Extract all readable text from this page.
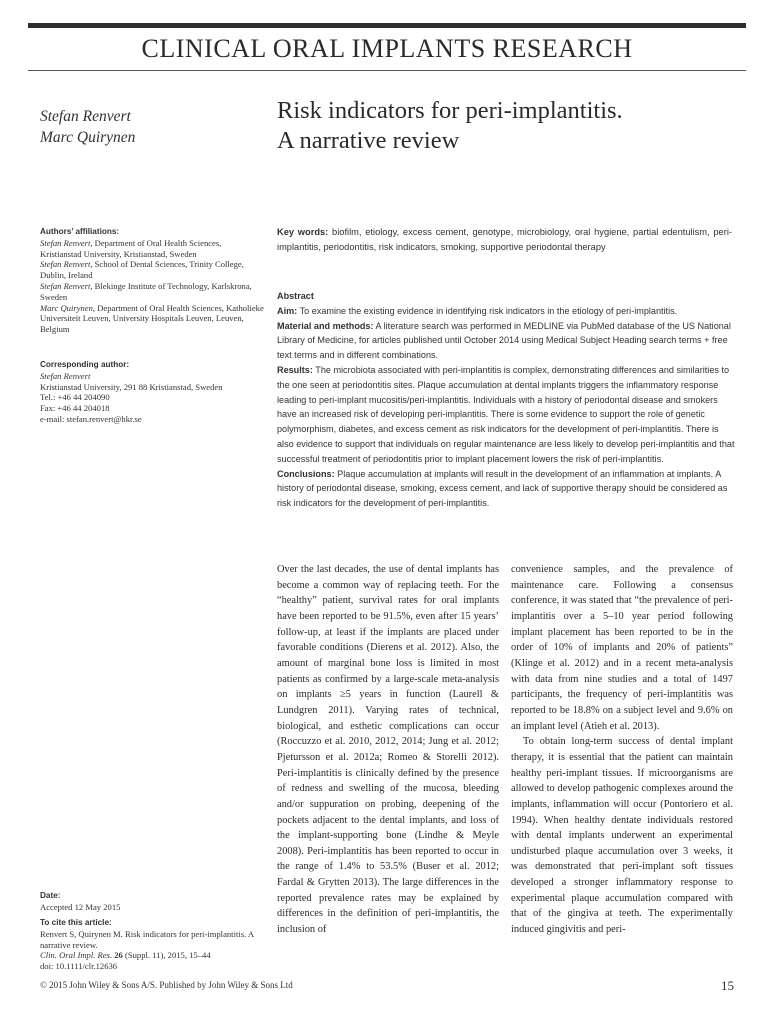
CLINICAL ORAL IMPLANTS RESEARCH
Stefan Renvert
Marc Quirynen
Risk indicators for peri-implantitis.
A narrative review
Authors’ affiliations:
Stefan Renvert, Department of Oral Health Sciences, Kristianstad University, Kristianstad, Sweden
Stefan Renvert, School of Dental Sciences, Trinity College, Dublin, Ireland
Stefan Renvert, Blekinge Institute of Technology, Karlskrona, Sweden
Marc Quirynen, Department of Oral Health Sciences, Katholieke Universiteit Leuven, University Hospitals Leuven, Leuven, Belgium
Corresponding author:
Stefan Renvert
Kristianstad University, 291 88 Kristianstad, Sweden
Tel.: +46 44 204090
Fax: +46 44 204018
e-mail: stefan.renvert@hkr.se
Date:
Accepted 12 May 2015
To cite this article:
Renvert S, Quirynen M. Risk indicators for peri-implantitis. A narrative review.
Clin. Oral Impl. Res. 26 (Suppl. 11), 2015, 15–44
doi: 10.1111/clr.12636
Key words: biofilm, etiology, excess cement, genotype, microbiology, oral hygiene, partial edentulism, peri-implantitis, periodontitis, risk indicators, smoking, supportive periodontal therapy
Abstract
Aim: To examine the existing evidence in identifying risk indicators in the etiology of peri-implantitis.
Material and methods: A literature search was performed in MEDLINE via PubMed database of the US National Library of Medicine, for articles published until October 2014 using Medical Subject Heading search terms + free text terms and in different combinations.
Results: The microbiota associated with peri-implantitis is complex, demonstrating differences and similarities to the one seen at periodontitis sites. Plaque accumulation at dental implants triggers the inflammatory response leading to peri-implant mucositis/peri-implantitis. Individuals with a history of periodontal disease and smokers have an increased risk of developing peri-implantitis. There is some evidence to support the role of genetic polymorphism, diabetes, and excess cement as risk indicators for the development of peri-implantitis. There is also evidence to support that individuals on regular maintenance are less likely to develop peri-implantitis and that successful treatment of periodontitis prior to implant placement lowers the risk of peri-implantitis.
Conclusions: Plaque accumulation at implants will result in the development of an inflammation at implants. A history of periodontal disease, smoking, excess cement, and lack of supportive therapy should be considered as risk indicators for the development of peri-implantitis.

Over the last decades, the use of dental implants has become a common way of replacing teeth. For the “healthy” patient, survival rates for oral implants have been reported to be 91.5%, even after 15 years’ follow-up, at least if the implants are placed under favorable conditions (Dierens et al. 2012). Also, the amount of marginal bone loss is limited in most patients as confirmed by a large-scale meta-analysis on implants ≥5 years in function (Laurell & Lundgren 2011). Varying rates of technical, biological, and esthetic complications can occur (Roccuzzo et al. 2010, 2012, 2014; Jung et al. 2012; Pjetursson et al. 2012a; Romeo & Storelli 2012). Peri-implantitis is clinically defined by the presence of redness and swelling of the mucosa, bleeding and/or suppuration on probing, deepening of the pockets adjacent to the dental implants, and loss of the implant-supporting bone (Lindhe & Meyle 2008). Peri-implantitis has been reported to occur in the range of 1.4% to 53.5% (Buser et al. 2012; Fardal & Grytten 2013). The large differences in the reported prevalence rates may be explained by differences in the definition of peri-implantitis, the inclusion of

convenience samples, and the prevalence of maintenance care. Following a consensus conference, it was stated that “the prevalence of peri-implantitis over a 5–10 year period following implant placement has been reported to be in the order of 10% of implants and 20% of patients” (Klinge et al. 2012) and in a recent meta-analysis with data from nine studies and a total of 1497 participants, the frequency of peri-implantitis was reported to be 18.8% on a subject level and 9.6% on an implant level (Atieh et al. 2013).

To obtain long-term success of dental implant therapy, it is essential that the patient can maintain healthy peri-implant tissues. If microorganisms are allowed to develop pathogenic complexes around the implants, inflammation will occur (Pontoriero et al. 1994). When healthy dentate individuals restored with dental implants underwent an experimental undisturbed plaque accumulation over 3 weeks, it was demonstrated that peri-implant soft tissues developed a stronger inflammatory response to experimental plaque accumulation compared with that of the gingiva at teeth. The experimentally induced gingivitis and peri-

© 2015 John Wiley & Sons A/S. Published by John Wiley & Sons Ltd	15
